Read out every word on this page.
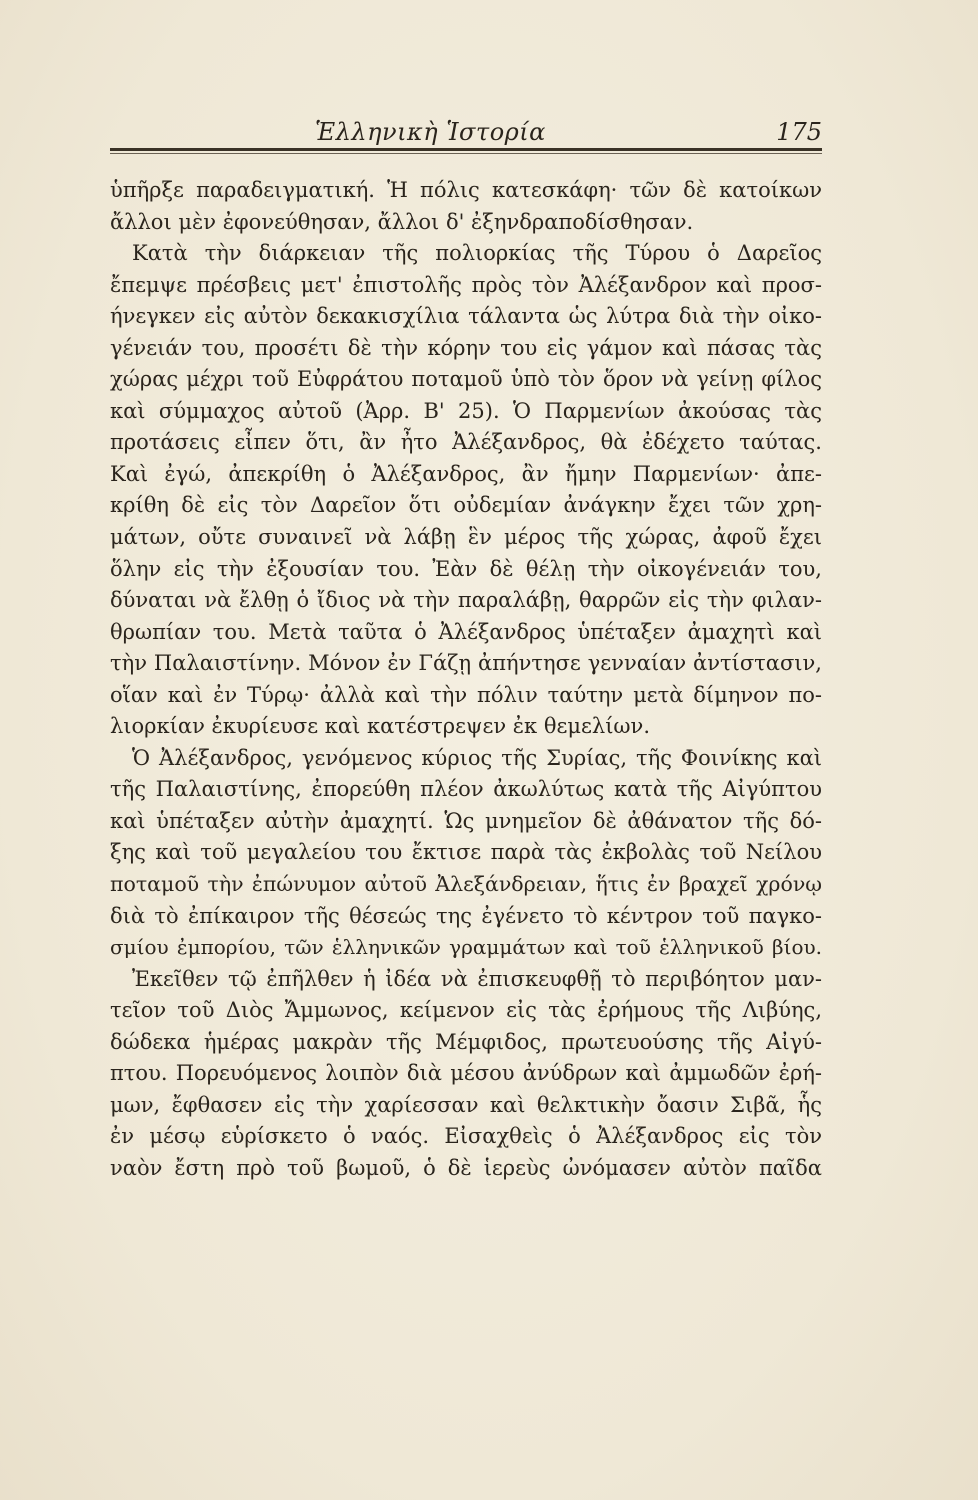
Ἑλληνικὴ Ἱστορία	175
ὑπῆρξε παραδειγματική. Ἡ πόλις κατεσκάφη· τῶν δὲ κατοίκων
ἄλλοι μὲν ἐφονεύθησαν, ἄλλοι δ' ἐξηνδραποδίσθησαν.
Κατὰ τὴν διάρκειαν τῆς πολιορκίας τῆς Τύρου ὁ Δαρεῖος
ἔπεμψε πρέσβεις μετ' ἐπιστολῆς πρὸς τὸν Ἀλέξανδρον καὶ προσ-
ήνεγκεν εἰς αὐτὸν δεκακισχίλια τάλαντα ὡς λύτρα διὰ τὴν οἰκο-
γένειάν του, προσέτι δὲ τὴν κόρην του εἰς γάμον καὶ πάσας τὰς
χώρας μέχρι τοῦ Εὐφράτου ποταμοῦ ὑπὸ τὸν ὅρον νὰ γείνῃ φίλος
καὶ σύμμαχος αὐτοῦ (Ἀρρ. Β' 25). Ὁ Παρμενίων ἀκούσας τὰς
προτάσεις εἶπεν ὅτι, ἂν ἦτο Ἀλέξανδρος, θὰ ἐδέχετο ταύτας.
Καὶ ἐγώ, ἀπεκρίθη ὁ Ἀλέξανδρος, ἂν ἤμην Παρμενίων· ἀπε-
κρίθη δὲ εἰς τὸν Δαρεῖον ὅτι οὐδεμίαν ἀνάγκην ἔχει τῶν χρη-
μάτων, οὔτε συναινεῖ νὰ λάβῃ ἓν μέρος τῆς χώρας, ἀφοῦ ἔχει
ὅλην εἰς τὴν ἐξουσίαν του. Ἐὰν δὲ θέλῃ τὴν οἰκογένειάν του,
δύναται νὰ ἔλθῃ ὁ ἴδιος νὰ τὴν παραλάβῃ, θαρρῶν εἰς τὴν φιλαν-
θρωπίαν του. Μετὰ ταῦτα ὁ Ἀλέξανδρος ὑπέταξεν ἀμαχητὶ καὶ
τὴν Παλαιστίνην. Μόνον ἐν Γάζῃ ἀπήντησε γενναίαν ἀντίστασιν,
οἵαν καὶ ἐν Τύρῳ· ἀλλὰ καὶ τὴν πόλιν ταύτην μετὰ δίμηνον πο-
λιορκίαν ἐκυρίευσε καὶ κατέστρεψεν ἐκ θεμελίων.
Ὁ Ἀλέξανδρος, γενόμενος κύριος τῆς Συρίας, τῆς Φοινίκης καὶ
τῆς Παλαιστίνης, ἐπορεύθη πλέον ἀκωλύτως κατὰ τῆς Αἰγύπτου
καὶ ὑπέταξεν αὐτὴν ἀμαχητί. Ὡς μνημεῖον δὲ ἀθάνατον τῆς δό-
ξης καὶ τοῦ μεγαλείου του ἔκτισε παρὰ τὰς ἐκβολὰς τοῦ Νείλου
ποταμοῦ τὴν ἐπώνυμον αὐτοῦ Ἀλεξάνδρειαν, ἥτις ἐν βραχεῖ χρόνῳ
διὰ τὸ ἐπίκαιρον τῆς θέσεώς της ἐγένετο τὸ κέντρον τοῦ παγκο-
σμίου ἐμπορίου, τῶν ἑλληνικῶν γραμμάτων καὶ τοῦ ἑλληνικοῦ βίου.
Ἐκεῖθεν τῷ ἐπῆλθεν ἡ ἰδέα νὰ ἐπισκευφθῇ τὸ περιβόητον μαν-
τεῖον τοῦ Διὸς Ἄμμωνος, κείμενον εἰς τὰς ἐρήμους τῆς Λιβύης,
δώδεκα ἡμέρας μακρὰν τῆς Μέμφιδος, πρωτευούσης τῆς Αἰγύ-
πτου. Πορευόμενος λοιπὸν διὰ μέσου ἀνύδρων καὶ ἀμμωδῶν ἐρή-
μων, ἔφθασεν εἰς τὴν χαρίεσσαν καὶ θελκτικὴν ὄασιν Σιβᾶ, ἧς
ἐν μέσῳ εὑρίσκετο ὁ ναός. Εἰσαχθεὶς ὁ Ἀλέξανδρος εἰς τὸν
ναὸν ἔστη πρὸ τοῦ βωμοῦ, ὁ δὲ ἱερεὺς ὠνόμασεν αὐτὸν παῖδα
